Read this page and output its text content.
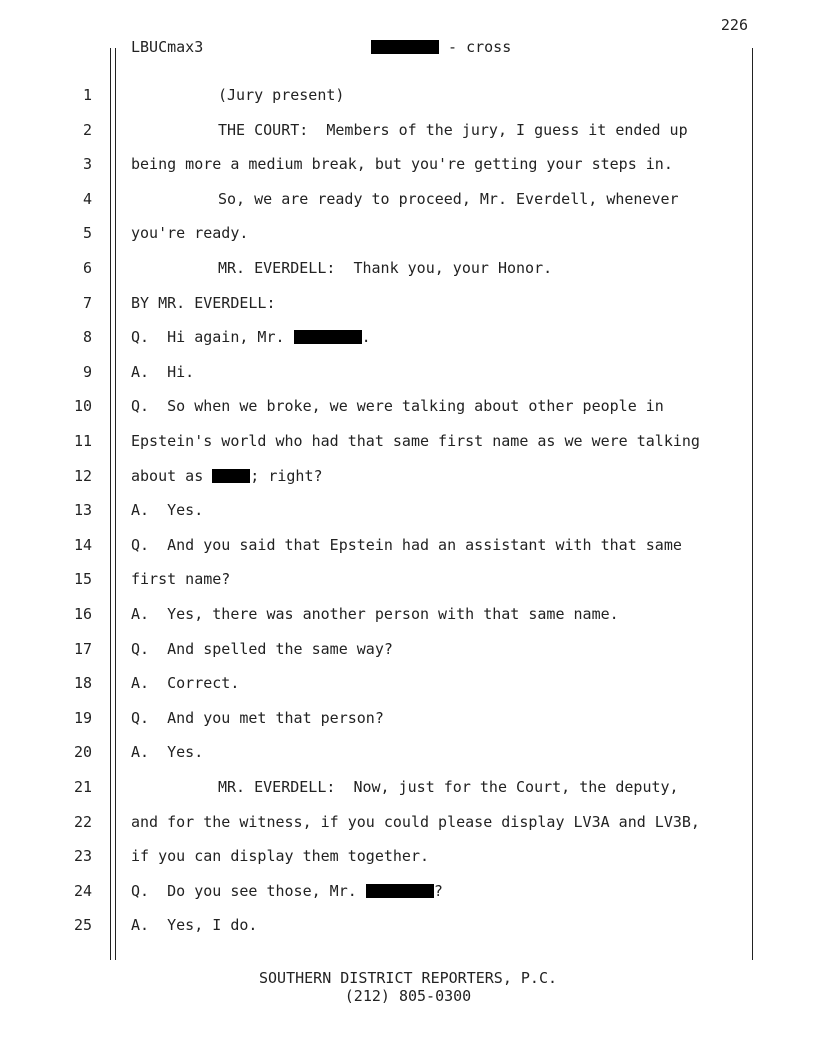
226
LBUCmax3	- cross
1	(Jury present)
2	THE COURT:  Members of the jury, I guess it ended up
3	being more a medium break, but you're getting your steps in.
4	So, we are ready to proceed, Mr. Everdell, whenever
5	you're ready.
6	MR. EVERDELL:  Thank you, your Honor.
7	BY MR. EVERDELL:
8	Q.  Hi again, Mr.	.
9	A.  Hi.
10	Q.  So when we broke, we were talking about other people in
11	Epstein's world who had that same first name as we were talking
12	about as	; right?
13	A.  Yes.
14	Q.  And you said that Epstein had an assistant with that same
15	first name?
16	A.  Yes, there was another person with that same name.
17	Q.  And spelled the same way?
18	A.  Correct.
19	Q.  And you met that person?
20	A.  Yes.
21	MR. EVERDELL:  Now, just for the Court, the deputy,
22	and for the witness, if you could please display LV3A and LV3B,
23	if you can display them together.
24	Q.  Do you see those, Mr.	?
25	A.  Yes, I do.
SOUTHERN DISTRICT REPORTERS, P.C.
(212) 805-0300
